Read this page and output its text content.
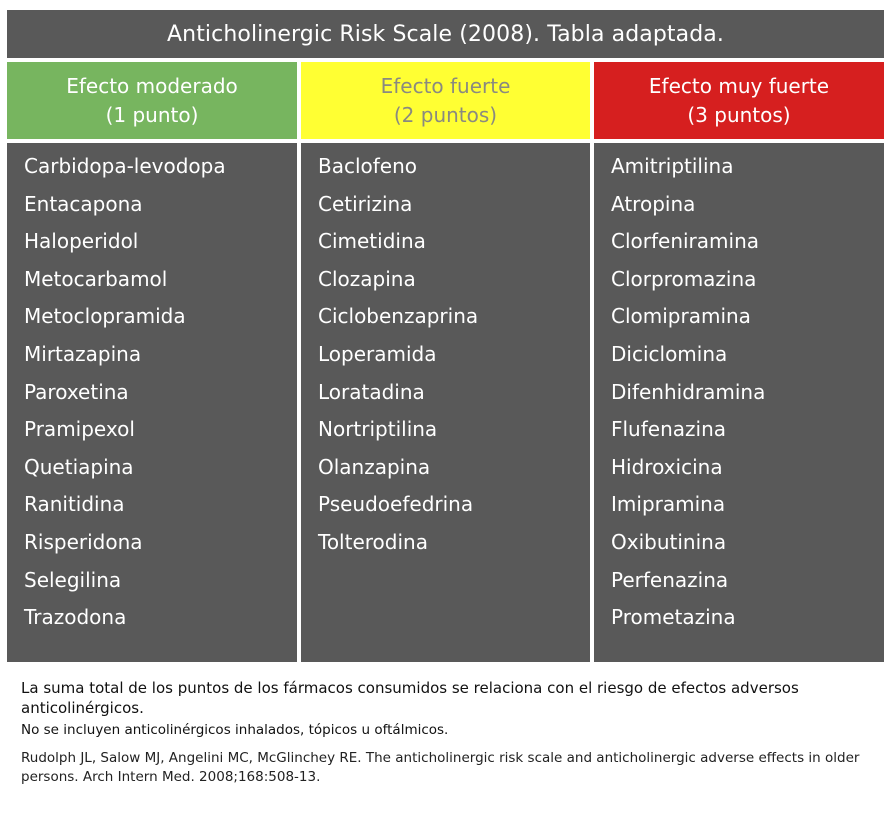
Anticholinergic Risk Scale (2008). Tabla adaptada.
Efecto moderado
(1 punto)
Efecto fuerte
(2 puntos)
Efecto muy fuerte
(3 puntos)
Carbidopa-levodopa
Entacapona
Haloperidol
Metocarbamol
Metoclopramida
Mirtazapina
Paroxetina
Pramipexol
Quetiapina
Ranitidina
Risperidona
Selegilina
Trazodona
Baclofeno
Cetirizina
Cimetidina
Clozapina
Ciclobenzaprina
Loperamida
Loratadina
Nortriptilina
Olanzapina
Pseudoefedrina
Tolterodina
Amitriptilina
Atropina
Clorfeniramina
Clorpromazina
Clomipramina
Diciclomina
Difenhidramina
Flufenazina
Hidroxicina
Imipramina
Oxibutinina
Perfenazina
Prometazina

La suma total de los puntos de los fármacos consumidos se relaciona con el riesgo de efectos adversos anticolinérgicos.

No se incluyen anticolinérgicos inhalados, tópicos u oftálmicos.

Rudolph JL, Salow MJ, Angelini MC, McGlinchey RE. The anticholinergic risk scale and anticholinergic adverse effects in older persons. Arch Intern Med. 2008;168:508-13.
